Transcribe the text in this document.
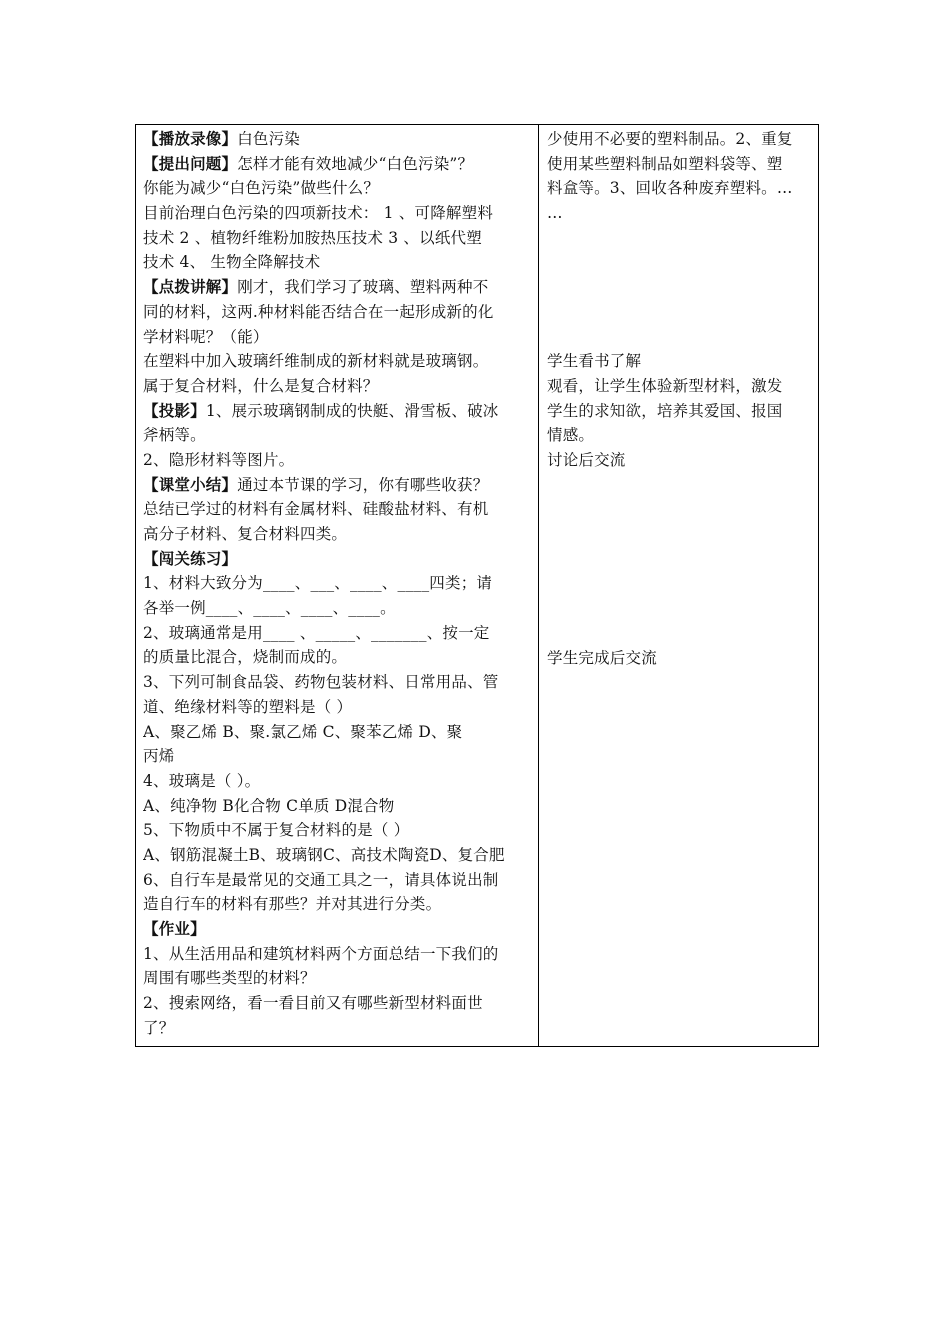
【播放录像】白色污染
【提出问题】怎样才能有效地减少“白色污染”？
你能为减少“白色污染”做些什么？
目前治理白色污染的四项新技术： 1 、可降解塑料
技术 2 、植物纤维粉加胺热压技术 3 、以纸代塑
技术 4、 生物全降解技术
【点拨讲解】刚才，我们学习了玻璃、塑料两种不
同的材料，这两.种材料能否结合在一起形成新的化
学材料呢？（能）
在塑料中加入玻璃纤维制成的新材料就是玻璃钢。
属于复合材料，什么是复合材料？
【投影】1、展示玻璃钢制成的快艇、滑雪板、破冰
斧柄等。
2、隐形材料等图片。
【课堂小结】通过本节课的学习，你有哪些收获？
总结已学过的材料有金属材料、硅酸盐材料、有机
高分子材料、复合材料四类。
【闯关练习】
1、材料大致分为____、___、____、____四类；请
各举一例____、____、____、____。
2、玻璃通常是用____ 、_____、_______、按一定
的质量比混合，烧制而成的。
3、下列可制食品袋、药物包装材料、日常用品、管
道、绝缘材料等的塑料是（ ）
A、聚乙烯 B、聚.氯乙烯 C、聚苯乙烯 D、聚
丙烯
4、玻璃是（ ）。
A、纯净物 B化合物 C单质 D混合物
5、下物质中不属于复合材料的是（ ）
A、钢筋混凝土B、玻璃钢C、高技术陶瓷D、复合肥
6、自行车是最常见的交通工具之一，请具体说出制
造自行车的材料有那些？并对其进行分类。
【作业】
1、从生活用品和建筑材料两个方面总结一下我们的
周围有哪些类型的材料？
2、搜索网络，看一看目前又有哪些新型材料面世
了？
少使用不必要的塑料制品。2、重复
使用某些塑料制品如塑料袋等、塑
料盒等。3、回收各种废弃塑料。…
…
学生看书了解
观看，让学生体验新型材料，激发
学生的求知欲，培养其爱国、报国
情感。
讨论后交流
学生完成后交流
